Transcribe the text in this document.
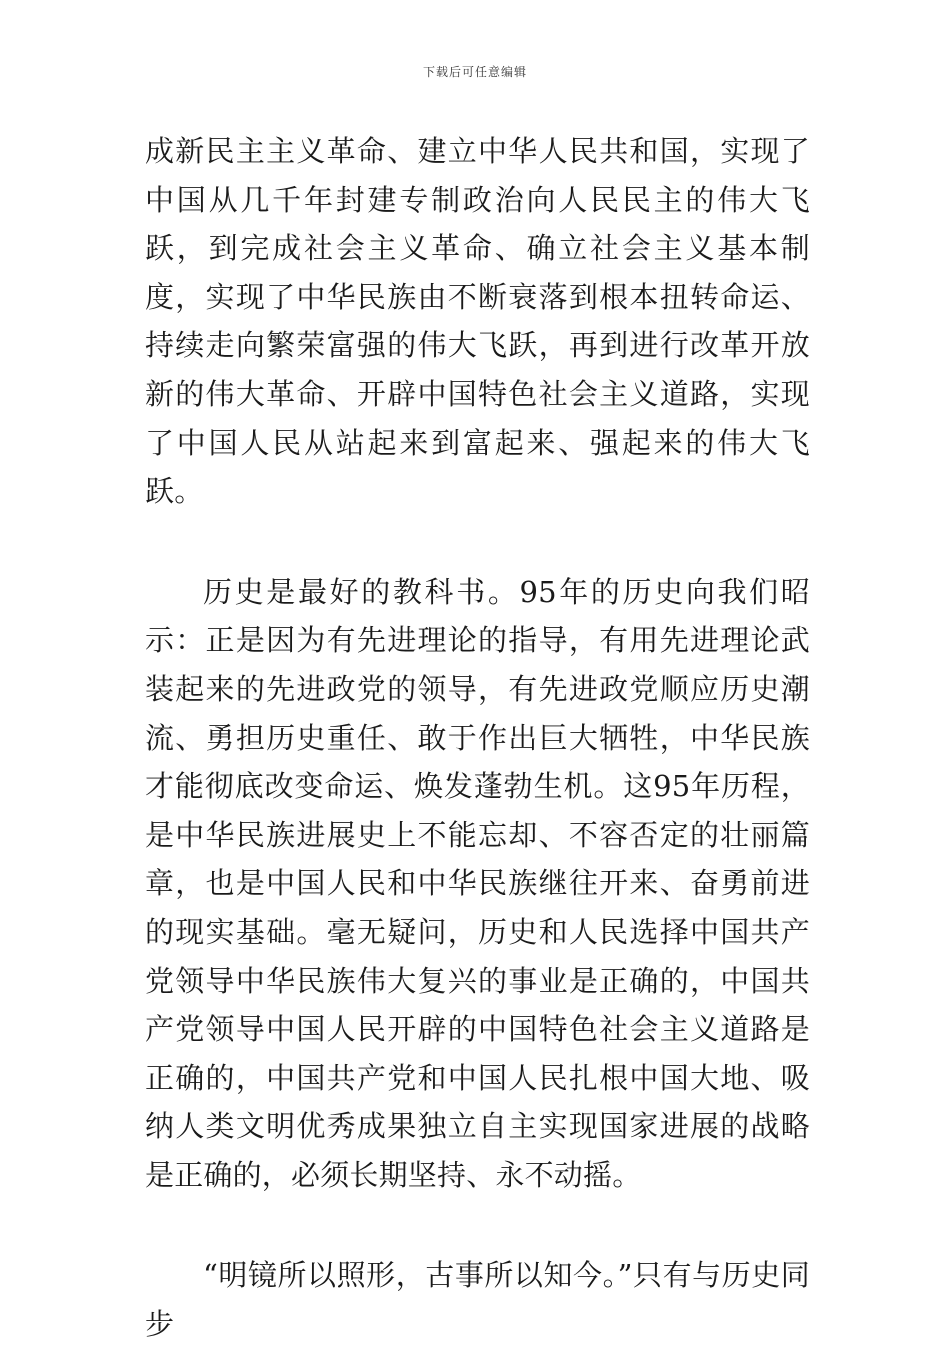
下载后可任意编辑

成新民主主义革命、建立中华人民共和国，实现了中国从几千年封建专制政治向人民民主的伟大飞跃，到完成社会主义革命、确立社会主义基本制度，实现了中华民族由不断衰落到根本扭转命运、持续走向繁荣富强的伟大飞跃，再到进行改革开放新的伟大革命、开辟中国特色社会主义道路，实现了中国人民从站起来到富起来、强起来的伟大飞跃。

历史是最好的教科书。95年的历史向我们昭示：正是因为有先进理论的指导，有用先进理论武装起来的先进政党的领导，有先进政党顺应历史潮流、勇担历史重任、敢于作出巨大牺牲，中华民族才能彻底改变命运、焕发蓬勃生机。这95年历程，是中华民族进展史上不能忘却、不容否定的壮丽篇章，也是中国人民和中华民族继往开来、奋勇前进的现实基础。毫无疑问，历史和人民选择中国共产党领导中华民族伟大复兴的事业是正确的，中国共产党领导中国人民开辟的中国特色社会主义道路是正确的，中国共产党和中国人民扎根中国大地、吸纳人类文明优秀成果独立自主实现国家进展的战略是正确的，必须长期坚持、永不动摇。

“明镜所以照形，古事所以知今。”只有与历史同步
